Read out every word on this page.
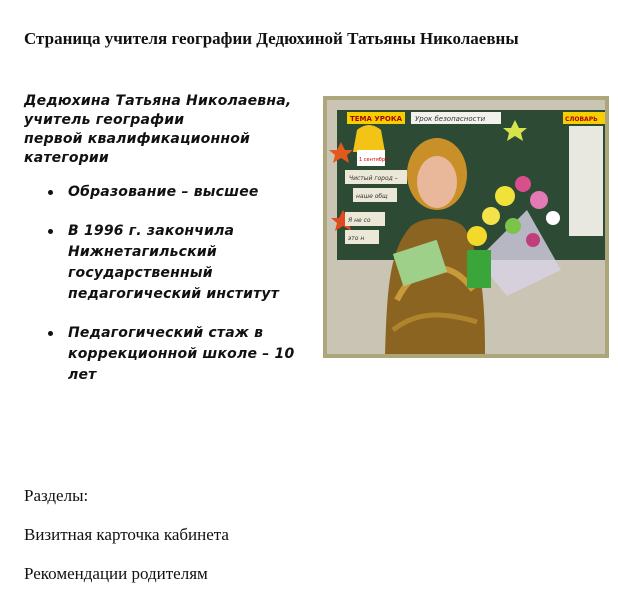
Страница учителя географии Дедюхиной Татьяны Николаевны
Дедюхина Татьяна Николаевна,
учитель географии
первой квалификационной
категории
Образование – высшее
В 1996 г. закончила
Нижнетагильский
государственный
педагогический институт
Педагогический стаж в
коррекционной школе – 10
лет
ТЕМА УРОКА Урок безопасности	СЛОВАРЬ
1 сентября
Чистый город –
наше общ
Я не со
это н
Разделы:
Визитная карточка кабинета
Рекомендации родителям
